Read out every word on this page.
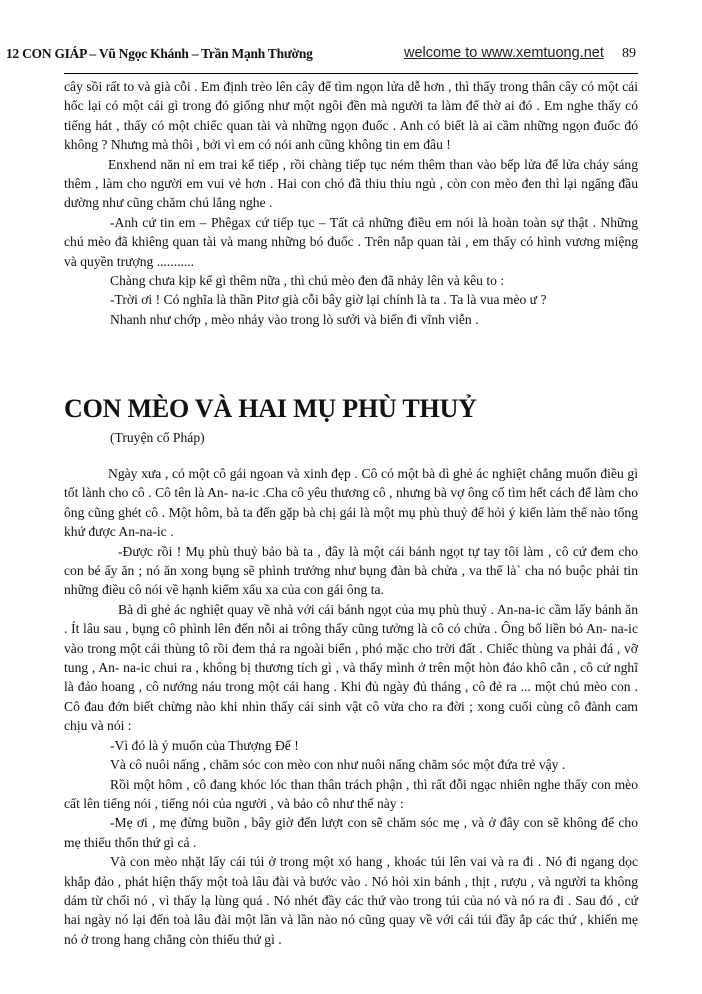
12 CON GIÁP – Vũ Ngọc Khánh – Trần Mạnh Thường	welcome to www.xemtuong.net 89

cây sồi rất to và già cỗi . Em định trèo lên cây để tìm ngọn lửa dễ hơn , thì thấy trong thân cây có một cái hốc lại có một cái gì trong đó giống như một ngôi đền mà người ta làm để thờ ai đó . Em nghe thấy có tiếng hát , thấy có một chiếc quan tài và những ngọn đuốc . Anh có biết là ai cầm những ngọn đuốc đó không ? Nhưng mà thôi , bởi vì em có nói anh cũng không tin em đâu !

Enxhend năn nỉ em trai kể tiếp , rồi chàng tiếp tục ném thêm than vào bếp lửa để lửa cháy sáng thêm , làm cho người em vui vẻ hơn . Hai con chó đã thiu thỉu ngủ , còn con mèo đen thì lại ngẩng đầu dường như cũng chăm chú lắng nghe .

-Anh cứ tin em – Phêgax cứ tiếp tục – Tất cả những điều em nói là hoàn toàn sự thật . Những chú mèo đã khiêng quan tài và mang những bó đuốc . Trên nắp quan tài , em thấy có hình vương miệng và quyền trượng ...........

Chàng chưa kịp kể gì thêm nữa , thì chú mèo đen đã nhảy lên và kêu to :

-Trời ơi ! Có nghĩa là thần Pitơ già cỗi bây giờ lại chính là ta . Ta là vua mèo ư ?

Nhanh như chớp , mèo nhảy vào trong lò sưởi và biến đi vĩnh viễn .

CON MÈO VÀ HAI MỤ PHÙ THUỶ
(Truyện cổ Pháp)

Ngày xưa , có một cô gái ngoan và xinh đẹp . Cô có một bà dì ghẻ ác nghiệt chẳng muốn điều gì tốt lành cho cô . Cô tên là An- na-ic .Cha cô yêu thương cô , nhưng bà vợ ông cố tìm hết cách để làm cho ông cũng ghét cô . Một hôm, bà ta đến gặp bà chị gái là một mụ phù thuỷ để hỏi ý kiến làm thế nào tống khứ được An-na-ic .

-Được rồi ! Mụ phù thuỷ bảo bà ta , đây là một cái bánh ngọt tự tay tôi làm , cô cứ đem cho con bé ấy ăn ; nó ăn xong bụng sẽ phình trướng như bụng đàn bà chửa , va thế là` cha nó buộc phải tin những điều cô nói về hạnh kiểm xấu xa của con gái ông ta.

Bà dì ghẻ ác nghiệt quay về nhà với cái bánh ngọt của mụ phù thuỷ . An-na-ic cầm lấy bánh ăn . Ít lâu sau , bụng cô phình lên đến nỗi ai trông thấy cũng tưởng là cô có chửa . Ông bố liền bỏ An- na-ic vào trong một cái thùng tô rồi đem thả ra ngoài biển , phó mặc cho trời đất . Chiếc thùng va phải đá , vỡ tung , An- na-ic chui ra , không bị thương tích gì , và thấy mình ở trên một hòn đảo khô cằn , cô cứ nghĩ là đảo hoang , cô nướng náu trong một cái hang . Khi đủ ngày đủ tháng , cô đẻ ra ... một chú mèo con . Cô đau đớn biết chừng nào khi nhìn thấy cái sinh vật cô vừa cho ra đời ; xong cuối cùng cô đành cam chịu và nói :

-Vì đó là ý muốn của Thượng Đế !

Và cô nuôi nấng , chăm sóc con mèo con như nuôi nấng chăm sóc một đứa trẻ vậy .

Rồi một hôm , cô đang khóc lóc than thân trách phận , thì rất đỗi ngạc nhiên nghe thấy con mèo cất lên tiếng nói , tiếng nói của người , và bảo cô như thế này :

-Mẹ ơi , mẹ đừng buồn , bây giờ đến lượt con sẽ chăm sóc mẹ , và ở đây con sẽ không để cho mẹ thiếu thốn thứ gì cả .

Và con mèo nhặt lấy cái túi ở trong một xó hang , khoác túi lên vai và ra đi . Nó đi ngang dọc khắp đảo , phát hiện thấy một toà lâu đài và bước vào . Nó hỏi xin bánh , thịt , rượu , và người ta không dám từ chối nó , vì thấy lạ lùng quá . Nó nhét đầy các thứ vào trong túi của nó và nó ra đi . Sau đó , cứ hai ngày nó lại đến toà lâu đài một lần và lần nào nó cũng quay về với cái túi đầy ắp các thứ , khiến mẹ nó ở trong hang chẳng còn thiếu thứ gì .
